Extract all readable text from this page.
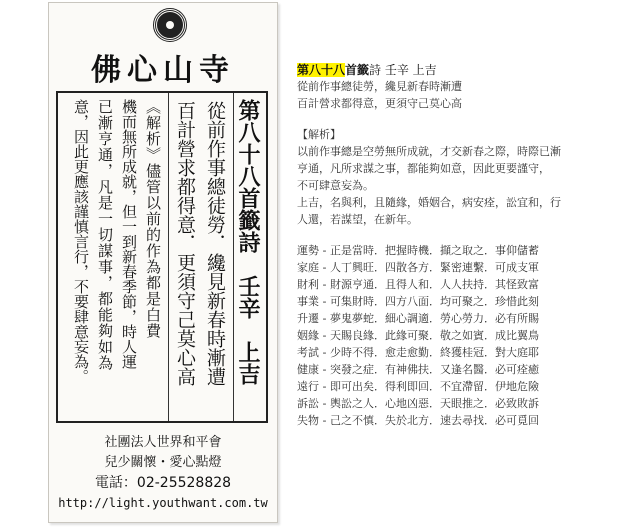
佛心山寺
第八十八首籤詩　壬辛　上吉
從前作事總徒勞．纔見新春時漸遭
百計營求都得意．更須守己莫心高
《解析》儘管以前的作為都是白費
機而無所成就，但一到新春季節，時人運
已漸亨通，凡是一切謀事，都能夠如為
意，因此更應該謹慎言行，不要肆意妄為。
社團法人世界和平會
兒少關懷・愛心點燈
電話：02-25528828
http://light.youthwant.com.tw
第八十八首籤詩 壬辛 上吉
從前作事總徒勞，纔見新春時漸遭
百計營求都得意，更須守己莫心高
【解析】
以前作事總是空勞無所成就，才交新春之際，時際已漸
亨通，凡所求謀之事，都能夠如意，因此更要謹守，
不可肆意妄為。
上吉，名與利，且隨緣，婚姻合，病安痊，訟宜和，行
人還，若謀望，在新年。
運勢 - 正是當時．把握時機．擷之取之．事仰儲蓄
家庭 - 人丁興旺．四散各方．緊密連繫．可成支軍
財利 - 財源亨通．且得人和．人人扶持．其怪致富
事業 - 可集財時．四方八面．均可聚之．珍惜此刻
升遷 - 夢鬼夢蛇．細心調適．勞心勞力．必有所賜
姻緣 - 天賜良緣．此緣可聚．敬之如賓．成比翼鳥
考試 - 少時不得．愈走愈勤．終獲桂冠．對大庭耶
健康 - 突發之症．有神佛扶．又逢名醫．必可痊癒
遠行 - 即可出矣．得利即回．不宜滯留．伊地危險
訴訟 - 輿訟之人．心地凶惡．天眼推之．必致敗訴
失物 - 己之不慎．失於北方．速去尋找．必可覓回
